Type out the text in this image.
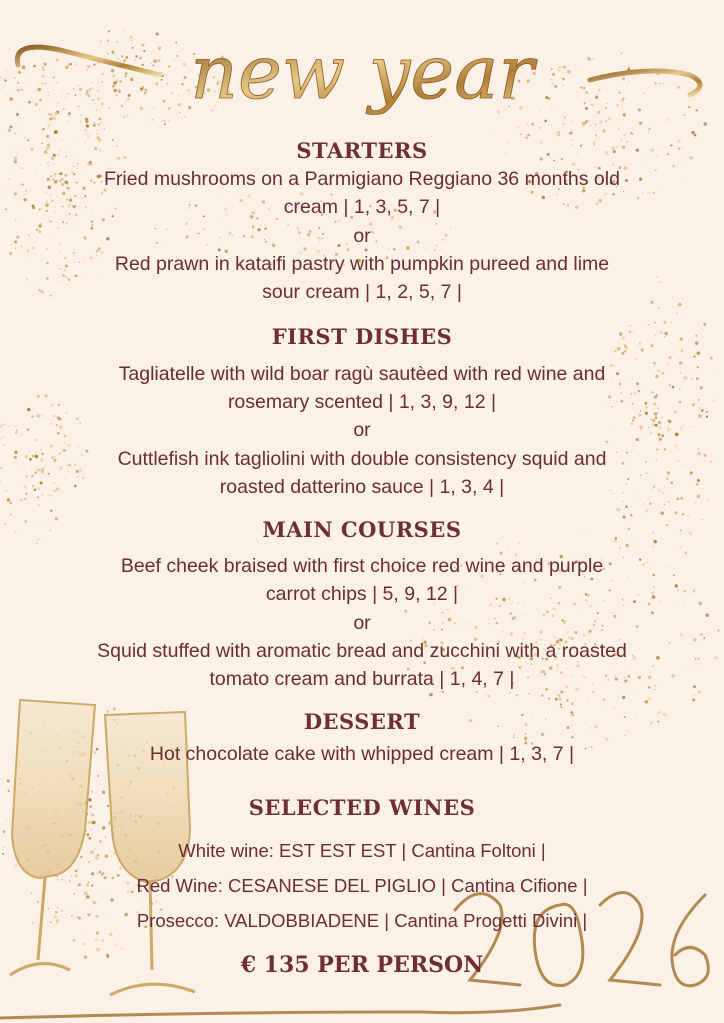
new year
STARTERS
Fried mushrooms on a Parmigiano Reggiano 36 months old
cream | 1, 3, 5, 7 |
or
Red prawn in kataifi pastry with pumpkin pureed and lime
sour cream | 1, 2, 5, 7 |
FIRST DISHES
Tagliatelle with wild boar ragù sautèed with red wine and
rosemary scented | 1, 3, 9, 12 |
or
Cuttlefish ink tagliolini with double consistency squid and
roasted datterino sauce | 1, 3, 4 |
MAIN COURSES
Beef cheek braised with first choice red wine and purple
carrot chips | 5, 9, 12 |
or
Squid stuffed with aromatic bread and zucchini with a roasted
tomato cream and burrata | 1, 4, 7 |
DESSERT
Hot chocolate cake with whipped cream | 1, 3, 7 |
SELECTED WINES
White wine: EST EST EST | Cantina Foltoni |
Red Wine: CESANESE DEL PIGLIO | Cantina Cifione |
Prosecco: VALDOBBIADENE | Cantina Progetti Divini |
€ 135 PER PERSON
